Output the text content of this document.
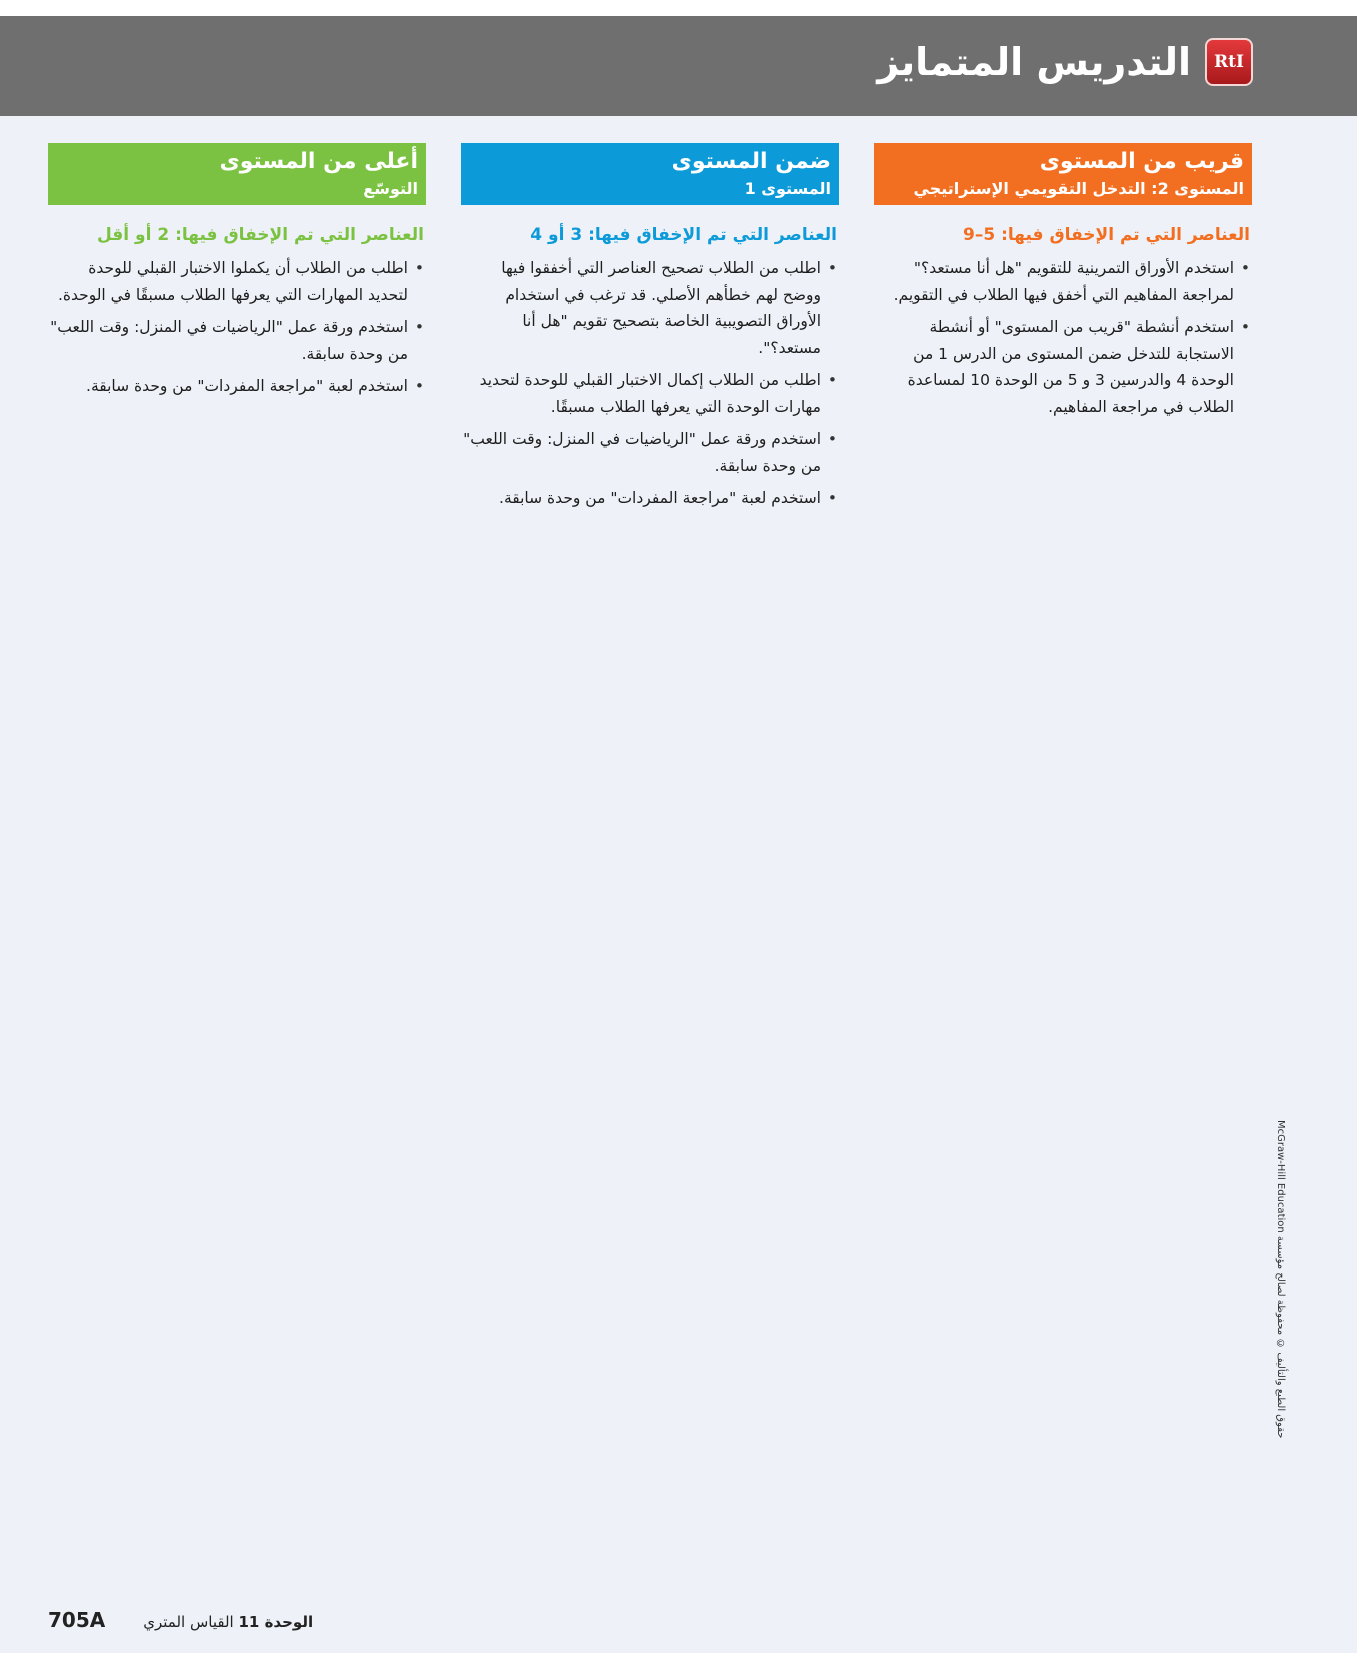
RtI
التدريس المتمايز
قريب من المستوى
المستوى 2: التدخل التقويمي الإستراتيجي
العناصر التي تم الإخفاق فيها: 5–9
• استخدم الأوراق التمرينية للتقويم "هل أنا مستعد؟" لمراجعة المفاهيم التي أخفق فيها الطلاب في التقويم.
• استخدم أنشطة "قريب من المستوى" أو أنشطة الاستجابة للتدخل ضمن المستوى من الدرس 1 من الوحدة 4 والدرسين 3 و 5 من الوحدة 10 لمساعدة الطلاب في مراجعة المفاهيم.
ضمن المستوى
المستوى 1
العناصر التي تم الإخفاق فيها: 3 أو 4
• اطلب من الطلاب تصحيح العناصر التي أخفقوا فيها ووضح لهم خطأهم الأصلي. قد ترغب في استخدام الأوراق التصويبية الخاصة بتصحيح تقويم "هل أنا مستعد؟".
• اطلب من الطلاب إكمال الاختبار القبلي للوحدة لتحديد مهارات الوحدة التي يعرفها الطلاب مسبقًا.
• استخدم ورقة عمل "الرياضيات في المنزل: وقت اللعب" من وحدة سابقة.
• استخدم لعبة "مراجعة المفردات" من وحدة سابقة.
أعلى من المستوى
التوسّع
العناصر التي تم الإخفاق فيها: 2 أو أقل
• اطلب من الطلاب أن يكملوا الاختبار القبلي للوحدة لتحديد المهارات التي يعرفها الطلاب مسبقًا في الوحدة.
• استخدم ورقة عمل "الرياضيات في المنزل: وقت اللعب" من وحدة سابقة.
• استخدم لعبة "مراجعة المفردات" من وحدة سابقة.
حقوق الطبع والتأليف © محفوظة لصالح مؤسسة McGraw-Hill Education
705A	الوحدة 11 القياس المتري
